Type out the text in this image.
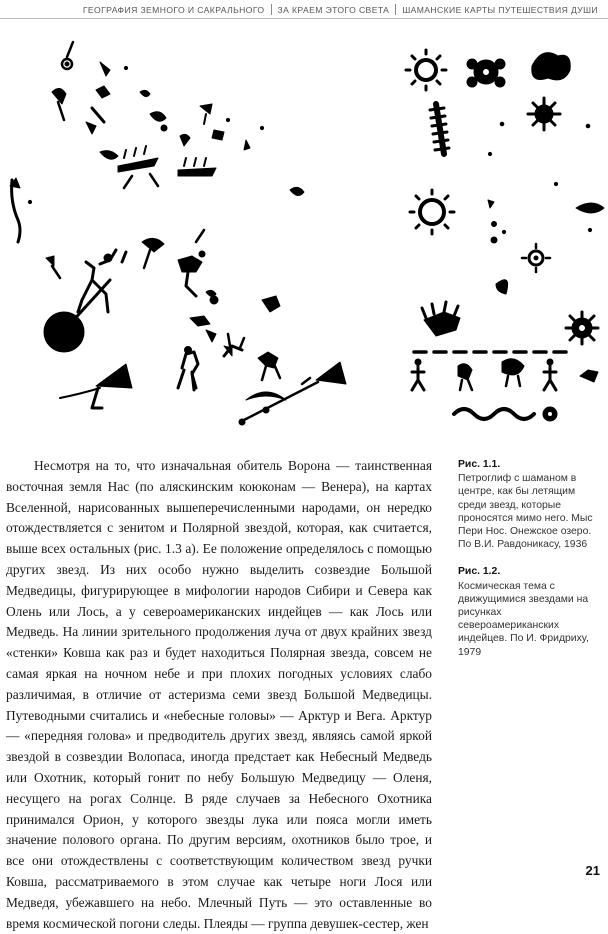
ГЕОГРАФИЯ ЗЕМНОГО И САКРАЛЬНОГО ЗА КРАЕМ ЭТОГО СВЕТА ШАМАНСКИЕ КАРТЫ ПУТЕШЕСТВИЯ ДУШИ

Несмотря на то, что изначальная обитель Ворона — таинственная восточная земля Нас (по аляскинским коюконам — Венера), на картах Вселенной, нарисованных вышеперечисленными народами, он нередко отождествляется с зенитом и Полярной звездой, которая, как считается, выше всех остальных (рис. 1.3 а). Ее положение определялось с помощью других звезд. Из них особо нужно выделить созвездие Большой Медведицы, фигурирующее в мифологии народов Сибири и Севера как Олень или Лось, а у североамериканских индейцев — как Лось или Медведь. На линии зрительного продолжения луча от двух крайних звезд «стенки» Ковша как раз и будет находиться Полярная звезда, совсем не самая яркая на ночном небе и при плохих погодных условиях слабо различимая, в отличие от астеризма семи звезд Большой Медведицы. Путеводными считались и «небесные головы» — Арктур и Вега. Арктур — «передняя голова» и предводитель других звезд, являясь самой яркой звездой в созвездии Волопаса, иногда предстает как Небесный Медведь или Охотник, который гонит по небу Большую Медведицу — Оленя, несущего на рогах Солнце. В ряде случаев за Небесного Охотника принимался Орион, у которого звезды лука или пояса могли иметь значение полового органа. По другим версиям, охотников было трое, и все они отождествлены с соответствующим количеством звезд ручки Ковша, рассматриваемого в этом случае как четыре ноги Лося или Медведя, убежавшего на небо. Млечный Путь — это оставленные во время космической погони следы. Плеяды — группа девушек-сестер, жен

Рис. 1.1.
Петроглиф с шаманом в центре, как бы летящим среди звезд, которые проносятся мимо него. Мыс Пери Нос. Онежское озеро. По В.И. Равдоникасу, 1936
Рис. 1.2.
Космическая тема с движущимися звездами на рисунках североамериканских индейцев. По И. Фридриху, 1979
21
